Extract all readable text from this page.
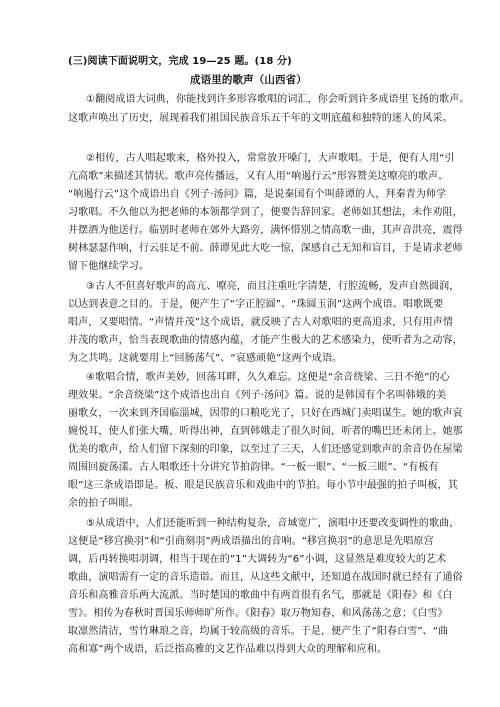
(三)阅读下面说明文，完成 19—25 题。(18 分)
成语里的歌声（山西省）
①翻阅成语大词典，你能找到许多形容歌唱的词汇，你会听到许多成语里飞扬的歌声。
这歌声唤出了历史，展现着我们祖国民族音乐五千年的文明底蕴和独特的迷人的风采。
②相传，古人唱起歌来，格外投入，常常放开嗓门，大声歌唱。于是，便有人用“引
亢高歌”来描述其情状。歌声亮传播远，又有人用“响遏行云”形容赞美这嘹亮的歌声。
“响遏行云”这个成语出自《列子·汤问》篇，是说秦国有个叫薛谭的人，拜秦青为师学
习歌唱。不久他以为把老师的本领都学到了，便要告辞回家。老师如其想法，未作劝阻，
并摆酒为他送行。临别时老师在郊外大路旁，满怀惜别之情高歌一曲，其声音洪亮，震得
树林瑟瑟作响，行云驻足不前。薛谭见此大吃一惊，深感自己无知和盲目，于是请求老师
留下他继续学习。
③古人不但喜好歌声的高亢、嘹亮，而且注重吐字清楚，行腔流畅，发声自然圆润，
以达到表意之目的。于是，便产生了“字正腔圆”、“珠圆玉润”这两个成语。唱歌既要
唱声，又要唱情。“声情并茂”这个成语，就反映了古人对歌唱的更高追求，只有用声情
并茂的歌声，恰当表现歌曲的情感内蕴，才能产生极大的艺术感染力，使听者为之动容，
为之共鸣。这就要用上“回肠荡气”、“哀感顽艳”这两个成语。
④歌唱合情，歌声美妙，回荡耳畔，久久难忘。这便是“余音绕梁、三日不绝”的心
理效果。“余音绕梁”这个成语也出自《列子·汤问》篇。说的是韩国有个名叫韩娥的美
丽歌女，一次来到齐国临淄城，因带的口粮吃光了，只好在西城门卖唱谋生。她的歌声哀
婉悦耳，使人们张大嘴，听得出神，直到韩娥走了很久时间，听者的嘴巴还未闭上。她那
优美的歌声，给人们留下深刻的印象，以至过了三天，人们还感觉到歌声的余音仍在屋梁
周围回旋荡漾。古人唱歌还十分讲究节拍韵律。“一板一眼”、“一板三眼”、“有板有
眼”这三条成语即是。板、眼是民族音乐和戏曲中的节拍。每小节中最强的拍子叫板，其
余的拍子叫眼。
⑤从成语中，人们还能听到一种结构复杂，音域宽广，演唱中还要改变调性的歌曲，
这便是“移宫换羽”和“引商刻羽”两成语描出的音响。“移宫换羽”的意思是先唱原宫
调，后再转换唱羽调，相当于现在的“1”大调转为“6”小调，这显然是难度较大的艺术
歌曲，演唱需有一定的音乐造诣。而且，从这些文献中，还知道在战国时就已经有了通俗
音乐和高雅音乐两大流派。当时楚国的歌曲中有两首很有名气，那就是《阳春》和《白
雪》。相传为春秋时晋国乐师师旷所作。《阳春》取万物知春，和风荡荡之意；《白雪》
取凛然清洁，雪竹琳琅之音，均属于较高级的音乐。于是，便产生了“阳春白雪”、“曲
高和寡”两个成语，后泛指高雅的文艺作品难以得到大众的理解和应和。
